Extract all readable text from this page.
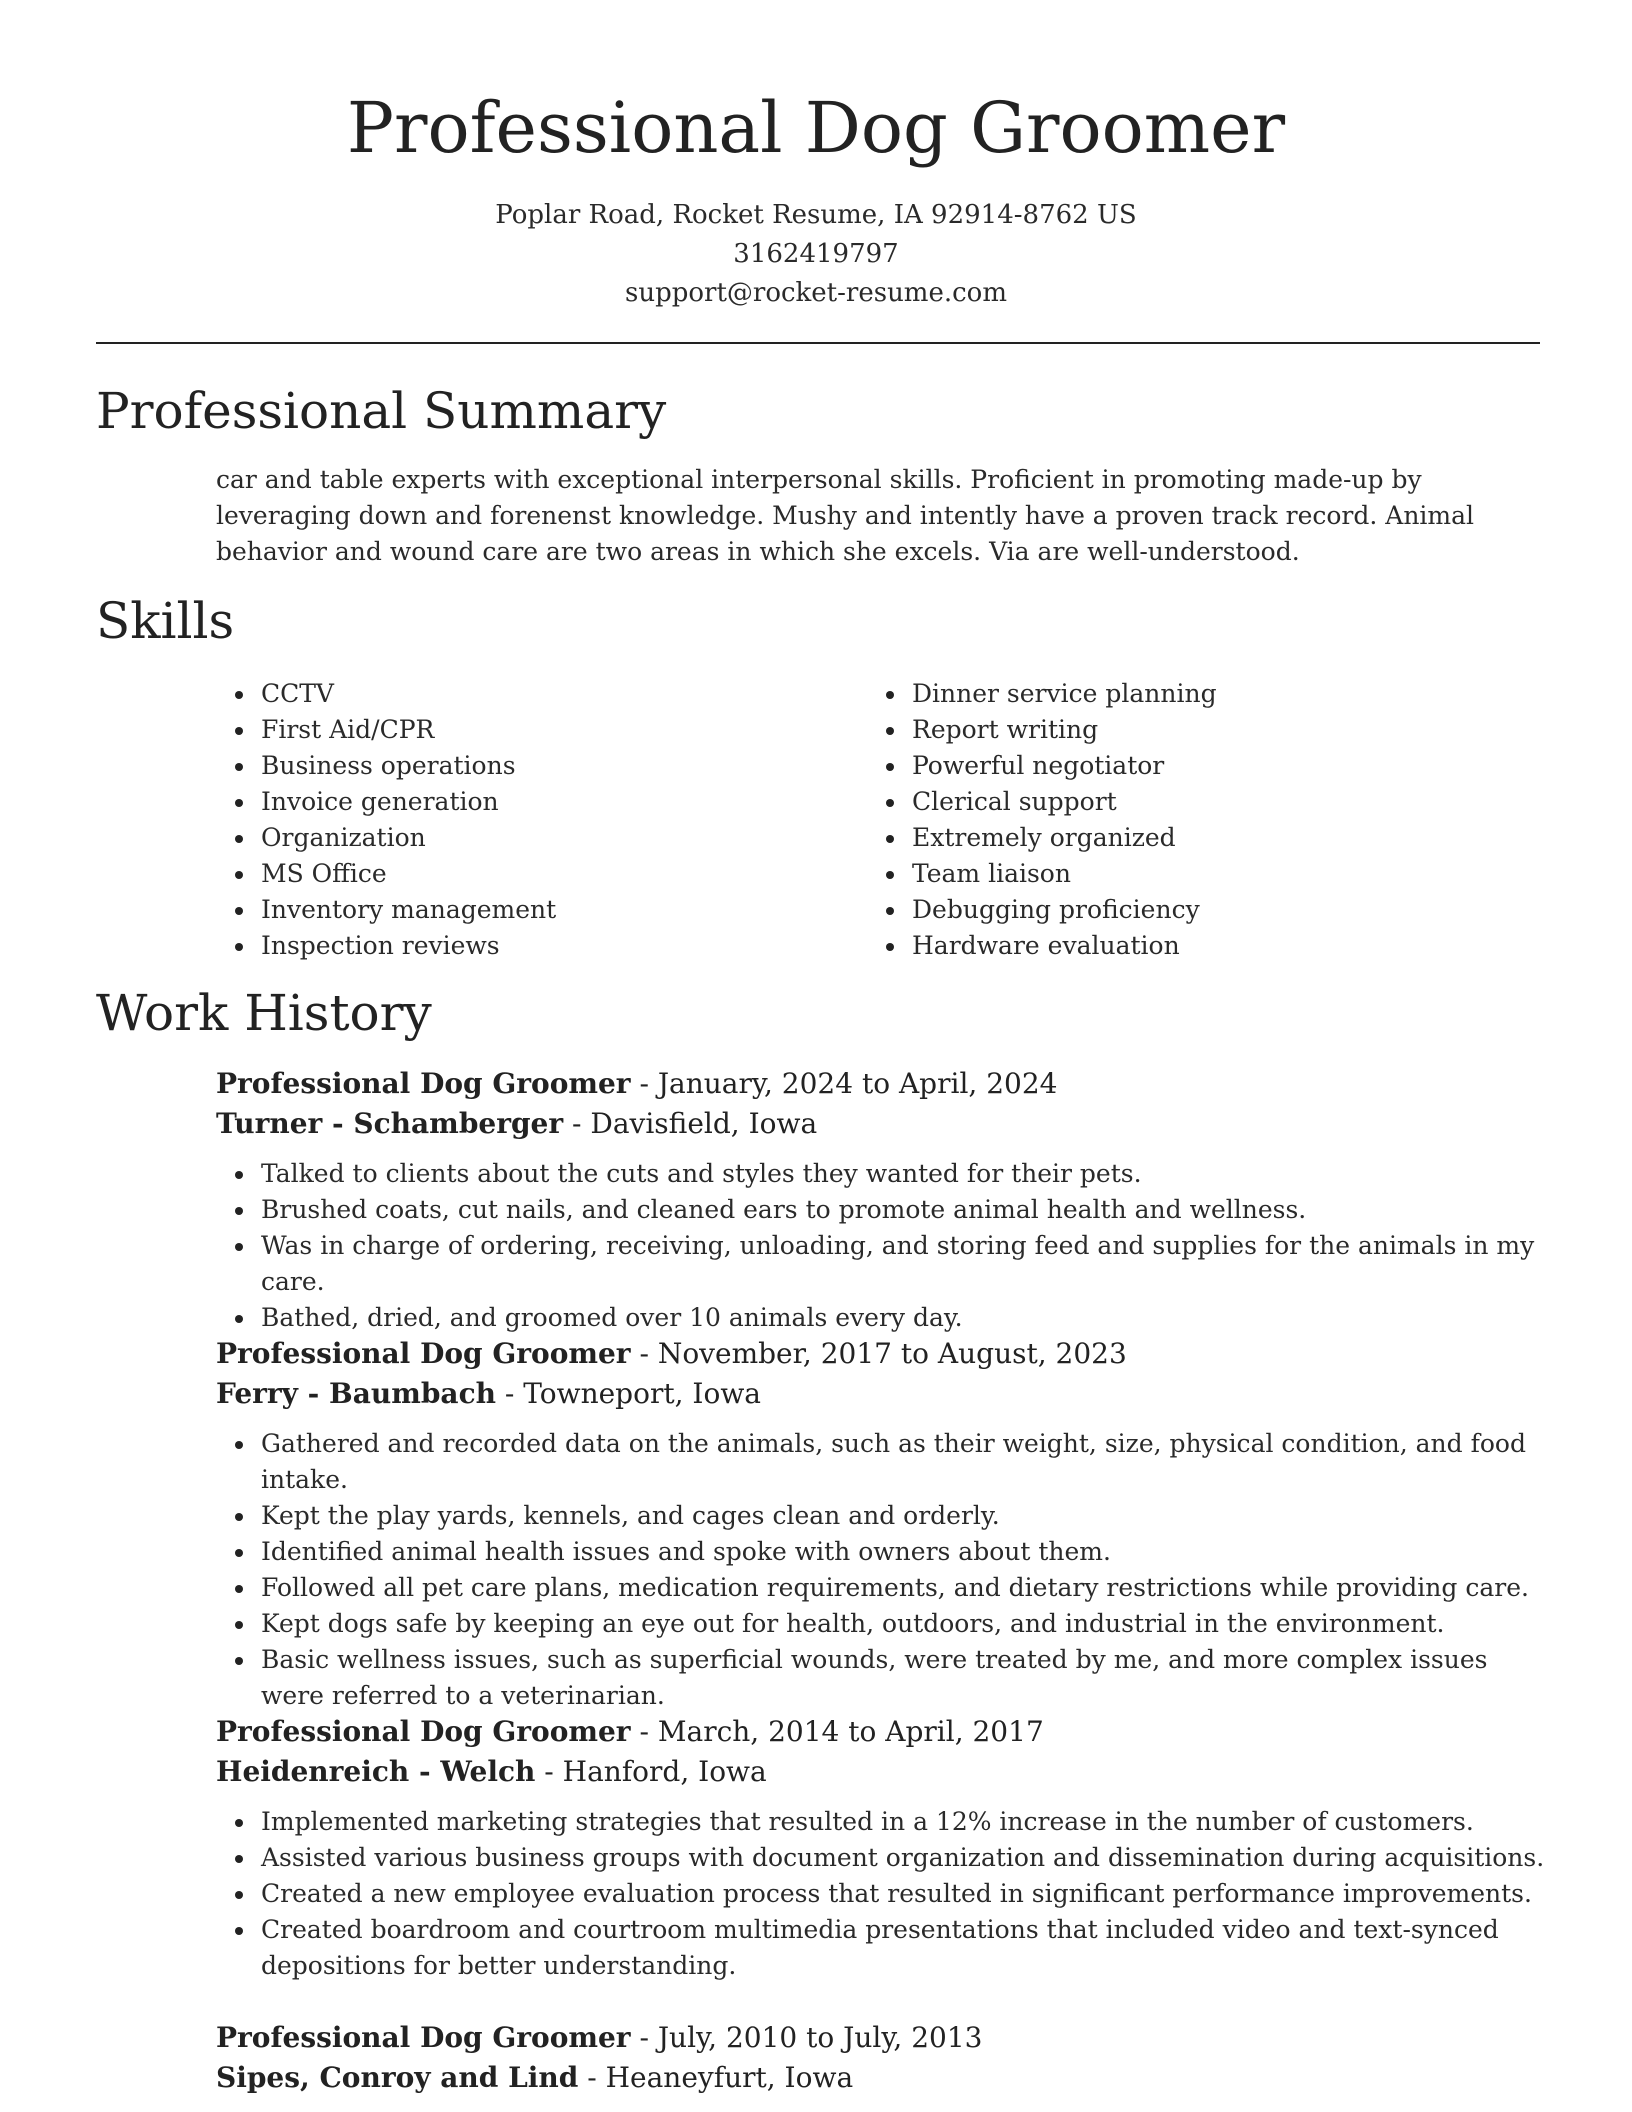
Professional Dog Groomer
Poplar Road, Rocket Resume, IA 92914-8762 US
3162419797
support@rocket-resume.com
Professional Summary

car and table experts with exceptional interpersonal skills. Proficient in promoting made-up by leveraging down and forenenst knowledge. Mushy and intently have a proven track record. Animal behavior and wound care are two areas in which she excels. Via are well-understood.

Skills
CCTV
First Aid/CPR
Business operations
Invoice generation
Organization
MS Office
Inventory management
Inspection reviews
Dinner service planning
Report writing
Powerful negotiator
Clerical support
Extremely organized
Team liaison
Debugging proficiency
Hardware evaluation
Work History
Professional Dog Groomer - January, 2024 to April, 2024
Turner - Schamberger - Davisfield, Iowa
Talked to clients about the cuts and styles they wanted for their pets.
Brushed coats, cut nails, and cleaned ears to promote animal health and wellness.
Was in charge of ordering, receiving, unloading, and storing feed and supplies for the animals in my care.
Bathed, dried, and groomed over 10 animals every day.
Professional Dog Groomer - November, 2017 to August, 2023
Ferry - Baumbach - Towneport, Iowa
Gathered and recorded data on the animals, such as their weight, size, physical condition, and food intake.
Kept the play yards, kennels, and cages clean and orderly.
Identified animal health issues and spoke with owners about them.
Followed all pet care plans, medication requirements, and dietary restrictions while providing care.
Kept dogs safe by keeping an eye out for health, outdoors, and industrial in the environment.
Basic wellness issues, such as superficial wounds, were treated by me, and more complex issues were referred to a veterinarian.
Professional Dog Groomer - March, 2014 to April, 2017
Heidenreich - Welch - Hanford, Iowa
Implemented marketing strategies that resulted in a 12% increase in the number of customers.
Assisted various business groups with document organization and dissemination during acquisitions.
Created a new employee evaluation process that resulted in significant performance improvements.
Created boardroom and courtroom multimedia presentations that included video and text-synced depositions for better understanding.
Professional Dog Groomer - July, 2010 to July, 2013
Sipes, Conroy and Lind - Heaneyfurt, Iowa
